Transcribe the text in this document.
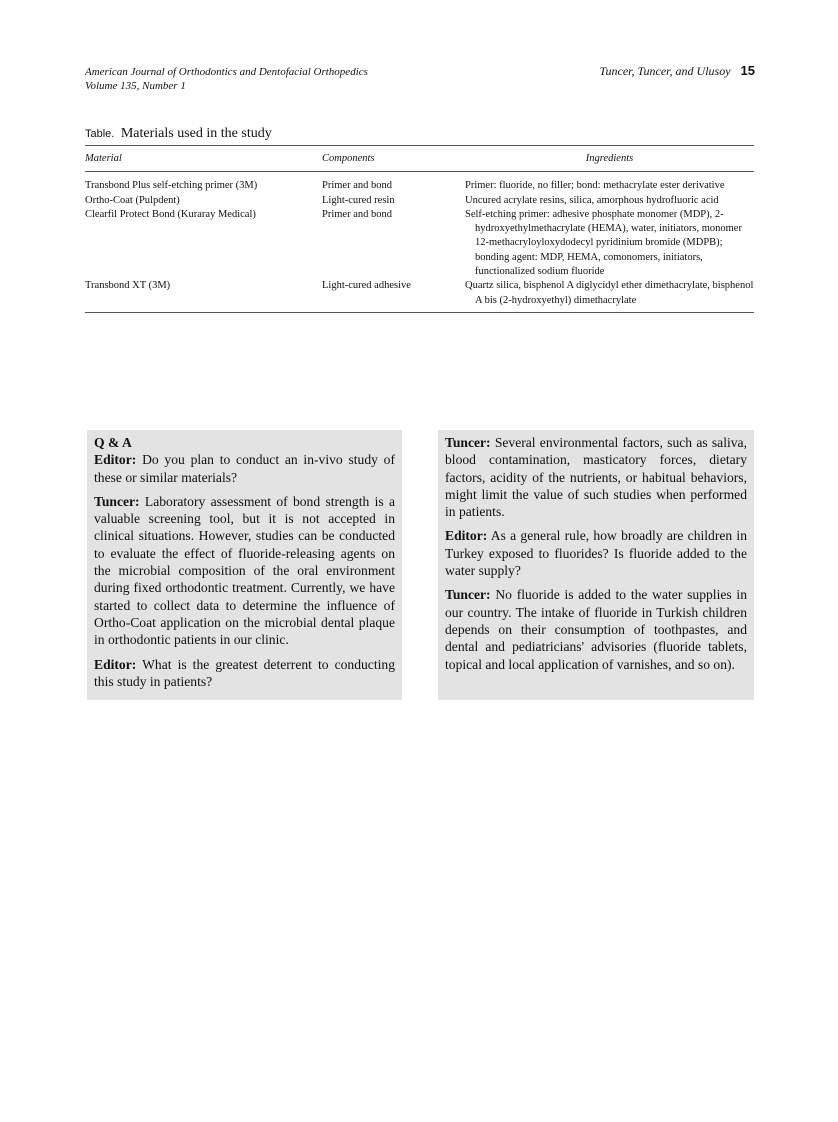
American Journal of Orthodontics and Dentofacial Orthopedics
Volume 135, Number 1
Tuncer, Tuncer, and Ulusoy 15
Table. Materials used in the study
Material	Components	Ingredients
Transbond Plus self-etching primer (3M)	Primer and bond	Primer: fluoride, no filler; bond: methacrylate ester derivative
Ortho-Coat (Pulpdent)	Light-cured resin	Uncured acrylate resins, silica, amorphous hydrofluoric acid
Clearfil Protect Bond (Kuraray Medical)	Primer and bond	Self-etching primer: adhesive phosphate monomer (MDP), 2-hydroxyethylmethacrylate (HEMA), water, initiators, monomer 12-methacryloyloxydodecyl pyridinium bromide (MDPB); bonding agent: MDP, HEMA, comonomers, initiators, functionalized sodium fluoride
Transbond XT (3M)	Light-cured adhesive	Quartz silica, bisphenol A diglycidyl ether dimethacrylate, bisphenol A bis (2-hydroxyethyl) dimethacrylate

Q & A

Editor: Do you plan to conduct an in-vivo study of these or similar materials?

Tuncer: Laboratory assessment of bond strength is a valuable screening tool, but it is not accepted in clinical situations. However, studies can be conducted to evaluate the effect of fluoride-releasing agents on the microbial composition of the oral environment during fixed orthodontic treatment. Currently, we have started to collect data to determine the influence of Ortho-Coat application on the microbial dental plaque in orthodontic patients in our clinic.

Editor: What is the greatest deterrent to conducting this study in patients?

Tuncer: Several environmental factors, such as saliva, blood contamination, masticatory forces, dietary factors, acidity of the nutrients, or habitual behaviors, might limit the value of such studies when performed in patients.

Editor: As a general rule, how broadly are children in Turkey exposed to fluorides? Is fluoride added to the water supply?

Tuncer: No fluoride is added to the water supplies in our country. The intake of fluoride in Turkish children depends on their consumption of toothpastes, and dental and pediatricians' advisories (fluoride tablets, topical and local application of varnishes, and so on).
